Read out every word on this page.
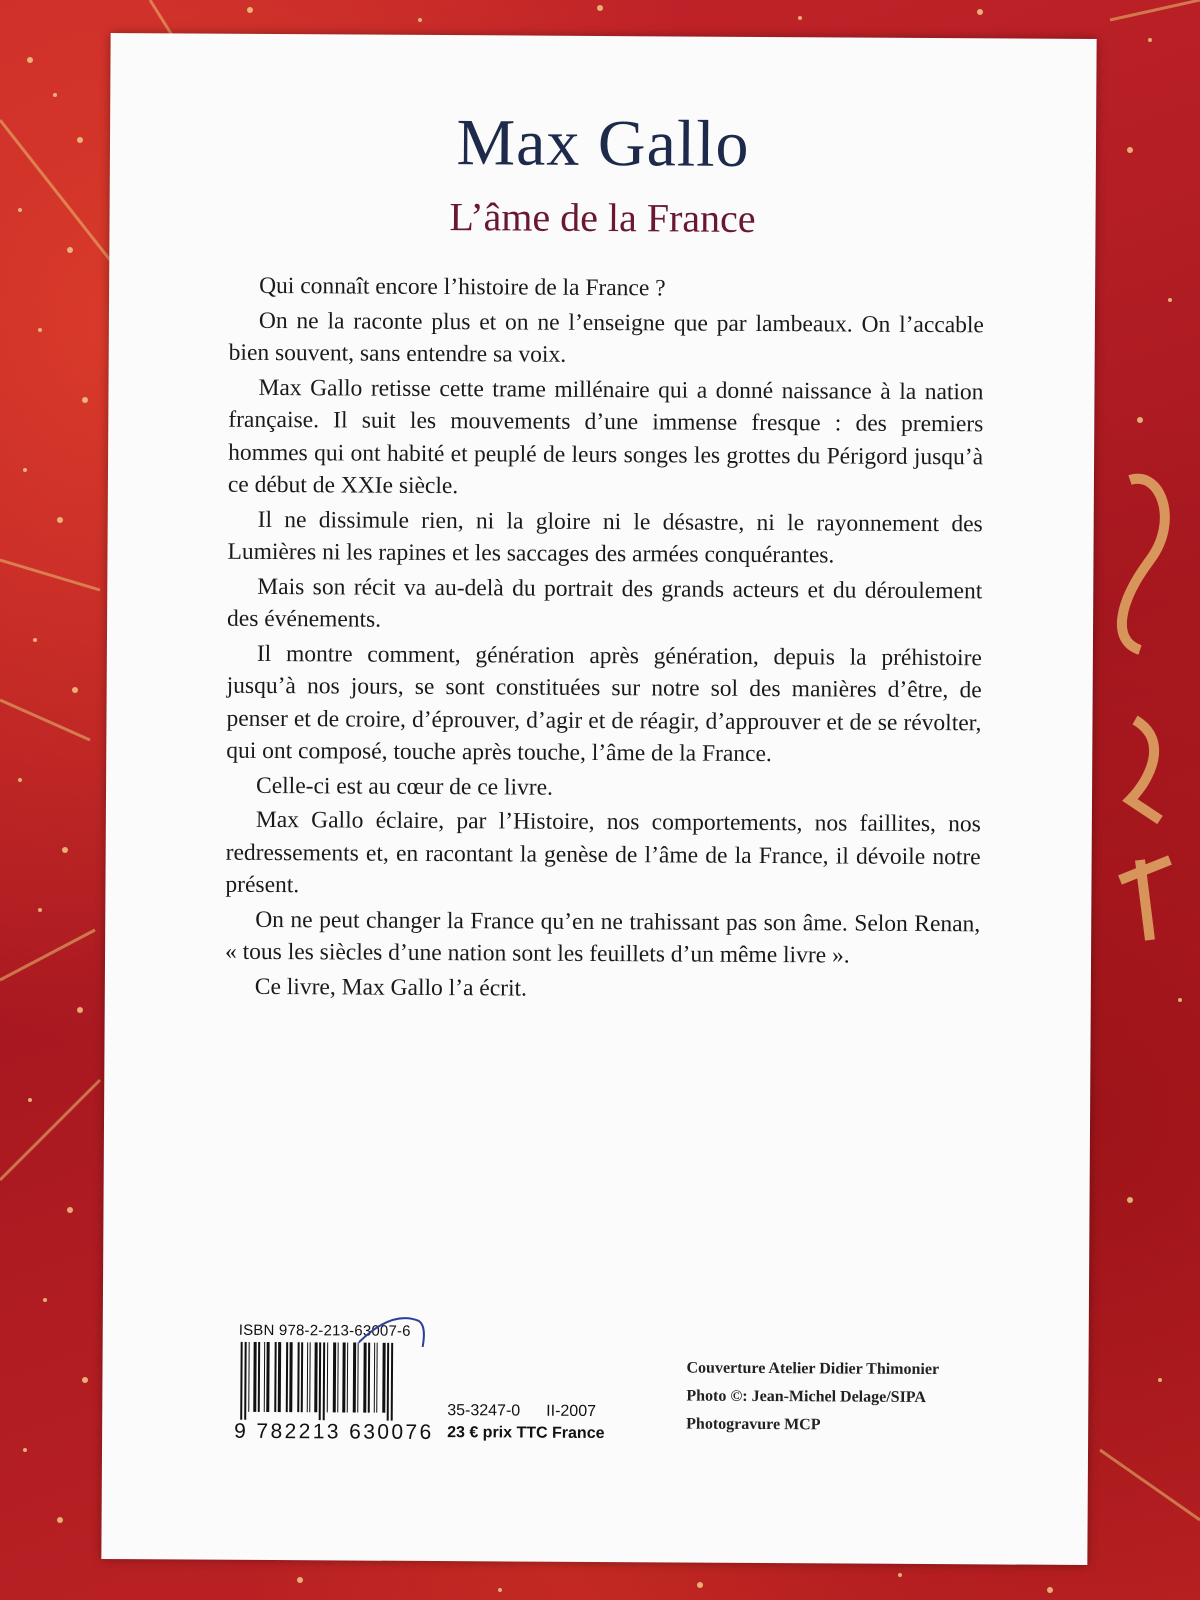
Max Gallo
L’âme de la France

Qui connaît encore l’histoire de la France ?

On ne la raconte plus et on ne l’enseigne que par lambeaux. On l’accable bien souvent, sans entendre sa voix.

Max Gallo retisse cette trame millénaire qui a donné naissance à la nation française. Il suit les mouvements d’une immense fresque : des premiers hommes qui ont habité et peuplé de leurs songes les grottes du Périgord jusqu’à ce début de XXIe siècle.

Il ne dissimule rien, ni la gloire ni le désastre, ni le rayonnement des Lumières ni les rapines et les saccages des armées conquérantes.

Mais son récit va au-delà du portrait des grands acteurs et du déroulement des événements.

Il montre comment, génération après génération, depuis la préhistoire jusqu’à nos jours, se sont constituées sur notre sol des manières d’être, de penser et de croire, d’éprouver, d’agir et de réagir, d’approuver et de se révolter, qui ont composé, touche après touche, l’âme de la France.

Celle-ci est au cœur de ce livre.

Max Gallo éclaire, par l’Histoire, nos comportements, nos faillites, nos redressements et, en racontant la genèse de l’âme de la France, il dévoile notre présent.

On ne peut changer la France qu’en ne trahissant pas son âme. Selon Renan, « tous les siècles d’une nation sont les feuillets d’un même livre ».

Ce livre, Max Gallo l’a écrit.

ISBN 978-2-213-63007-6
9 782213 630076
35-3247-0 II-2007
23 € prix TTC France
Couverture Atelier Didier Thimonier
Photo ©: Jean-Michel Delage/SIPA
Photogravure MCP
